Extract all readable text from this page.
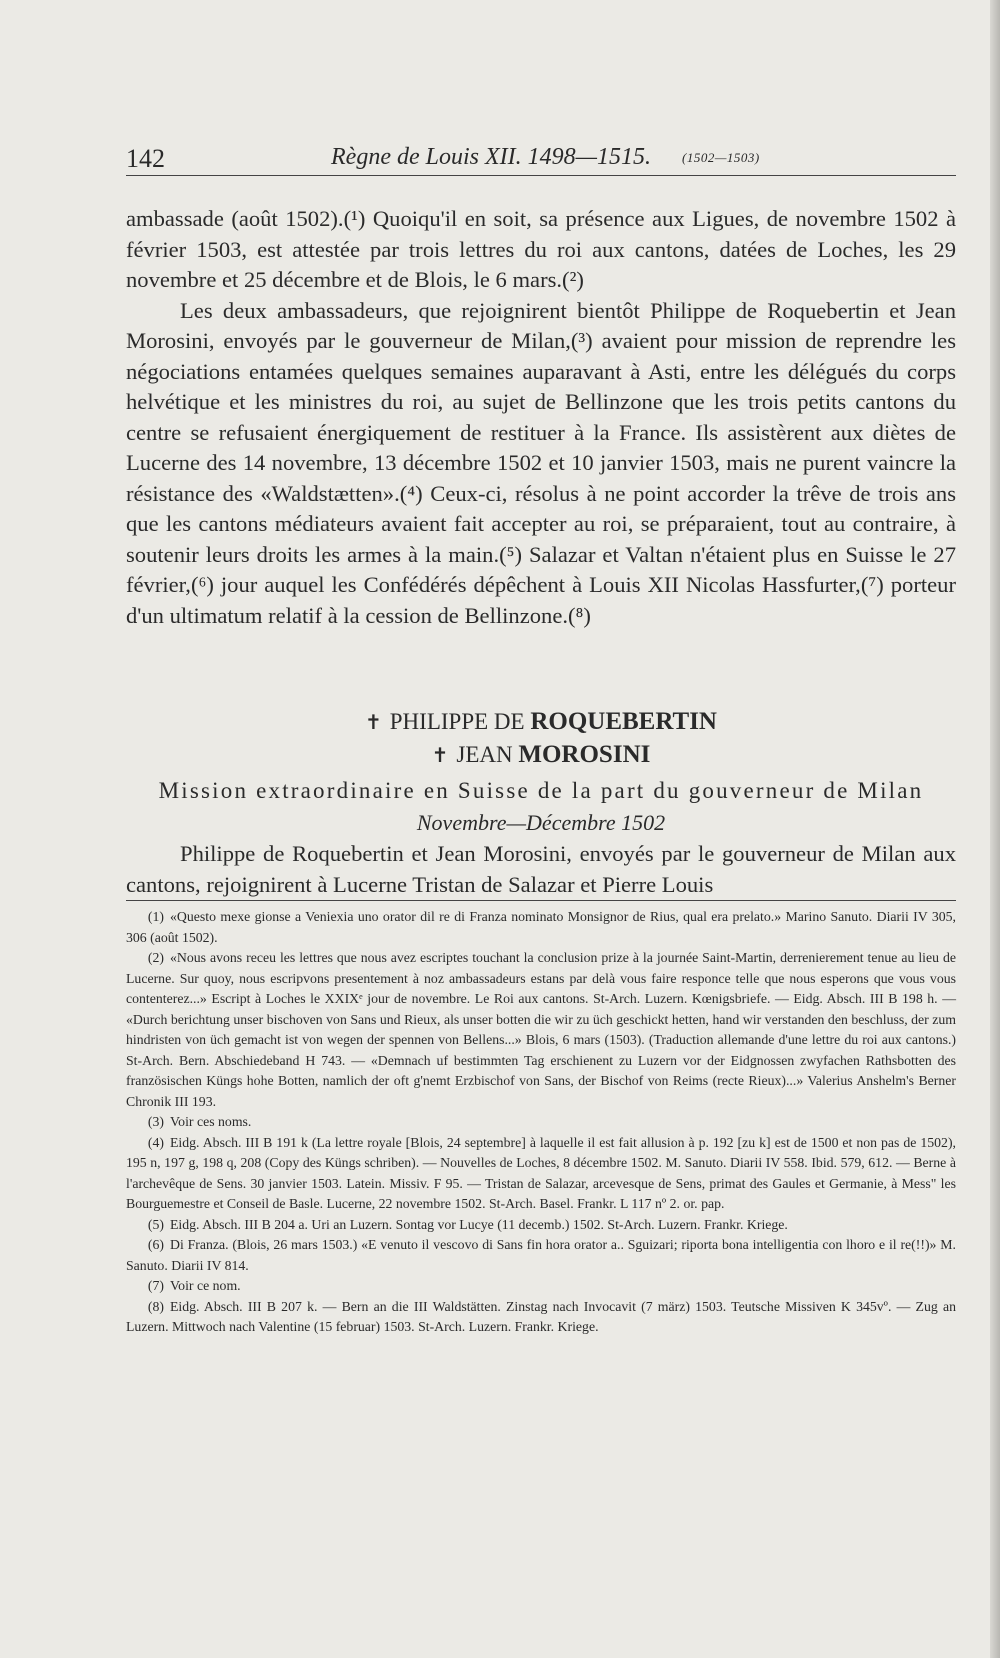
142	Règne de Louis XII. 1498—1515. (1502—1503)

ambassade (août 1502).(¹) Quoiqu'il en soit, sa présence aux Ligues, de novembre 1502 à février 1503, est attestée par trois lettres du roi aux cantons, datées de Loches, les 29 novembre et 25 décembre et de Blois, le 6 mars.(²)

Les deux ambassadeurs, que rejoignirent bientôt Philippe de Roquebertin et Jean Morosini, envoyés par le gouverneur de Milan,(³) avaient pour mission de reprendre les négociations entamées quelques semaines auparavant à Asti, entre les délégués du corps helvétique et les ministres du roi, au sujet de Bellinzone que les trois petits cantons du centre se refusaient énergiquement de restituer à la France. Ils assistèrent aux diètes de Lucerne des 14 novembre, 13 décembre 1502 et 10 janvier 1503, mais ne purent vaincre la résistance des «Waldstætten».(⁴) Ceux-ci, résolus à ne point accorder la trêve de trois ans que les cantons médiateurs avaient fait accepter au roi, se préparaient, tout au contraire, à soutenir leurs droits les armes à la main.(⁵) Salazar et Valtan n'étaient plus en Suisse le 27 février,(⁶) jour auquel les Confédérés dépêchent à Louis XII Nicolas Hassfurter,(⁷) porteur d'un ultimatum relatif à la cession de Bellinzone.(⁸)

✝ PHILIPPE DE ROQUEBERTIN
✝ JEAN MOROSINI
Mission extraordinaire en Suisse de la part du gouverneur de Milan
Novembre—Décembre 1502

Philippe de Roquebertin et Jean Morosini, envoyés par le gouverneur de Milan aux cantons, rejoignirent à Lucerne Tristan de Salazar et Pierre Louis

(1) «Questo mexe gionse a Veniexia uno orator dil re di Franza nominato Monsignor de Rius, qual era prelato.» Marino Sanuto. Diarii IV 305, 306 (août 1502).

(2) «Nous avons receu les lettres que nous avez escriptes touchant la conclusion prize à la journée Saint-Martin, derrenierement tenue au lieu de Lucerne. Sur quoy, nous escripvons presentement à noz ambassadeurs estans par delà vous faire responce telle que nous esperons que vous vous contenterez...» Escript à Loches le XXIXᵉ jour de novembre. Le Roi aux cantons. St-Arch. Luzern. Kœnigsbriefe. — Eidg. Absch. III B 198 h. — «Durch berichtung unser bischoven von Sans und Rieux, als unser botten die wir zu üch geschickt hetten, hand wir verstanden den beschluss, der zum hindristen von üch gemacht ist von wegen der spennen von Bellens...» Blois, 6 mars (1503). (Traduction allemande d'une lettre du roi aux cantons.) St-Arch. Bern. Abschiedeband H 743. — «Demnach uf bestimmten Tag erschienent zu Luzern vor der Eidgnossen zwyfachen Rathsbotten des französischen Küngs hohe Botten, namlich der oft g'nemt Erzbischof von Sans, der Bischof von Reims (recte Rieux)...» Valerius Anshelm's Berner Chronik III 193.

(3) Voir ces noms.

(4) Eidg. Absch. III B 191 k (La lettre royale [Blois, 24 septembre] à laquelle il est fait allusion à p. 192 [zu k] est de 1500 et non pas de 1502), 195 n, 197 g, 198 q, 208 (Copy des Küngs schriben). — Nouvelles de Loches, 8 décembre 1502. M. Sanuto. Diarii IV 558. Ibid. 579, 612. — Berne à l'archevêque de Sens. 30 janvier 1503. Latein. Missiv. F 95. — Tristan de Salazar, arcevesque de Sens, primat des Gaules et Germanie, à Mess" les Bourguemestre et Conseil de Basle. Lucerne, 22 novembre 1502. St-Arch. Basel. Frankr. L 117 nº 2. or. pap.

(5) Eidg. Absch. III B 204 a. Uri an Luzern. Sontag vor Lucye (11 decemb.) 1502. St-Arch. Luzern. Frankr. Kriege.

(6) Di Franza. (Blois, 26 mars 1503.) «E venuto il vescovo di Sans fin hora orator a.. Sguizari; riporta bona intelligentia con lhoro e il re(!!)» M. Sanuto. Diarii IV 814.

(7) Voir ce nom.

(8) Eidg. Absch. III B 207 k. — Bern an die III Waldstätten. Zinstag nach Invocavit (7 märz) 1503. Teutsche Missiven K 345vº. — Zug an Luzern. Mittwoch nach Valentine (15 februar) 1503. St-Arch. Luzern. Frankr. Kriege.
